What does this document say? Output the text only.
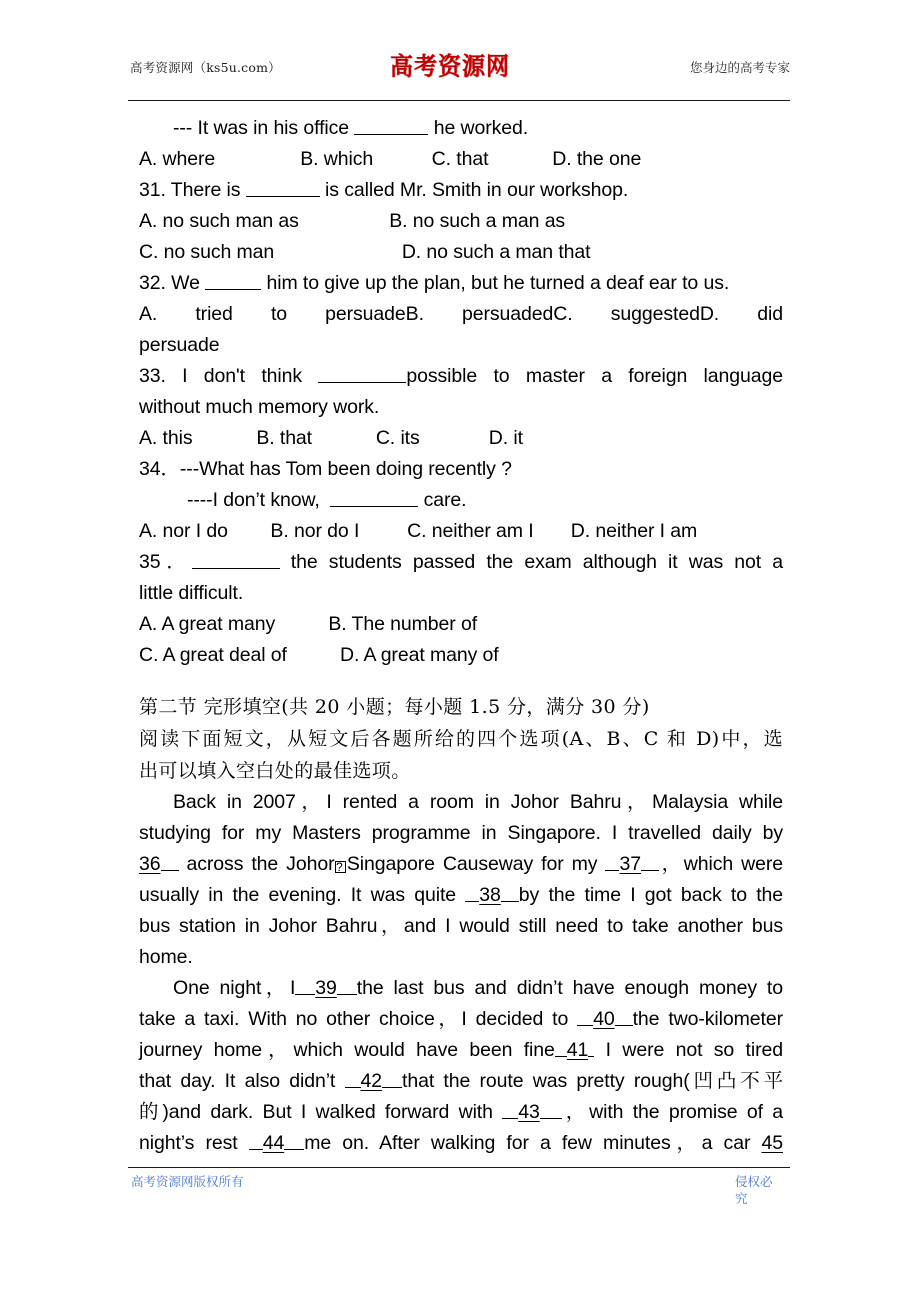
高考资源网（ks5u.com）	高考资源网	您身边的高考专家
--- It was in his office	he worked.
A. where	B. which	C. that	D. the one
31. There is	is called Mr. Smith in our workshop.
A. no such man as	B. no such a man as
C. no such man	D. no such a man that
32. We	him to give up the plan, but he turned a deaf ear to us.
A. tried to persuadeB. persuadedC. suggestedD. did
persuade
33. I don't think	possible to master a foreign language
without much memory work.
A. this	B. that	C. its	D. it
34．---What has Tom been doing recently ?
----I don’t know,	care.
A. nor I do B. nor do I C. neither am I D. neither I am
35．	the students passed the exam although it was not a
little difficult.
A. A great many	B. The number of
C. A great deal of	D. A great many of
第二节 完形填空(共 20 小题；每小题 1.5 分，满分 30 分)
阅读下面短文，从短文后各题所给的四个选项(A、B、C 和 D)中，选
出可以填入空白处的最佳选项。
Back in 2007，I rented a room in Johor Bahru，Malaysia while
studying for my Masters programme in Singapore. I travelled daily by
36 across the Johor ? Singapore Causeway for my 37 ，which were
usually in the evening. It was quite 38 by the time I got back to the
bus station in Johor Bahru，and I would still need to take another bus
home.
One night，I 39 the last bus and didn’t have enough money to
take a taxi. With no other choice，I decided to 40 the two-kilometer
journey home，which would have been fine 41 I were not so tired
that day. It also didn’t 42 that the route was pretty rough(凹凸不平
的)and dark. But I walked forward with 43 ，with the promise of a
night’s rest 44 me on. After walking for a few minutes，a car 45
高考资源网版权所有	侵权必
究
